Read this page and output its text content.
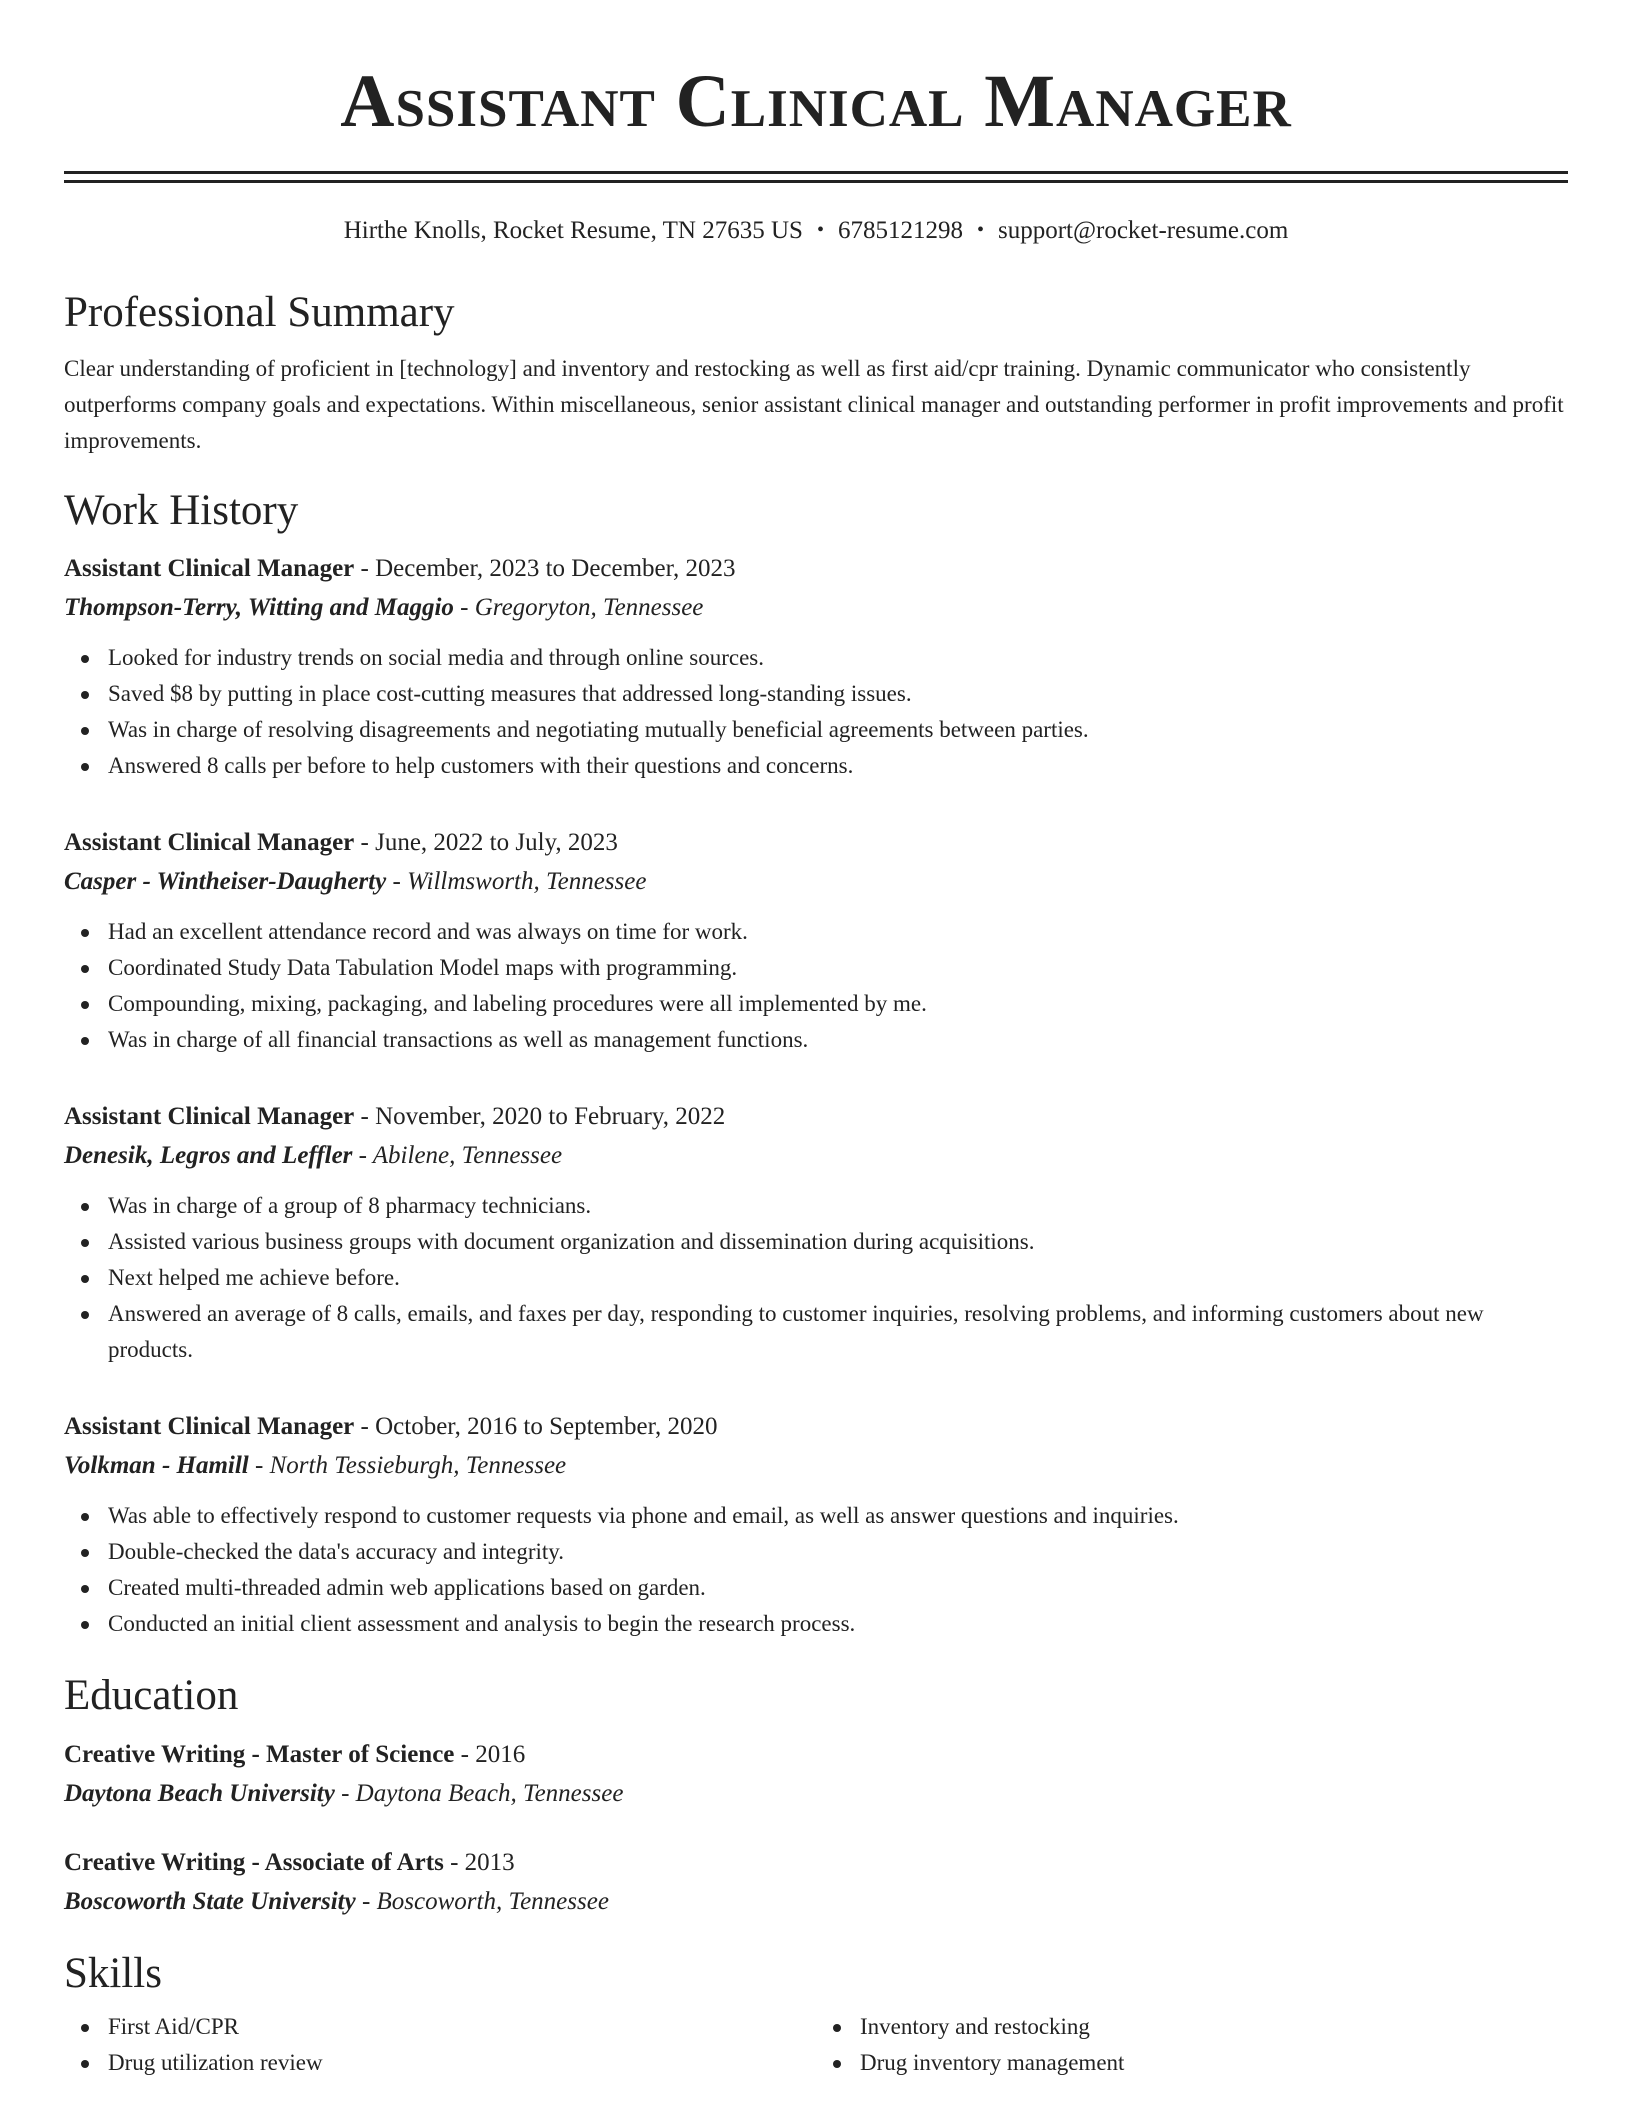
Assistant Clinical Manager
Hirthe Knolls, Rocket Resume, TN 27635 US • 6785121298 • support@rocket-resume.com
Professional Summary

Clear understanding of proficient in [technology] and inventory and restocking as well as first aid/cpr training. Dynamic communicator who consistently outperforms company goals and expectations. Within miscellaneous, senior assistant clinical manager and outstanding performer in profit improvements and profit improvements.

Work History
Assistant Clinical Manager - December, 2023 to December, 2023
Thompson-Terry, Witting and Maggio - Gregoryton, Tennessee
Looked for industry trends on social media and through online sources.
Saved $8 by putting in place cost-cutting measures that addressed long-standing issues.
Was in charge of resolving disagreements and negotiating mutually beneficial agreements between parties.
Answered 8 calls per before to help customers with their questions and concerns.
Assistant Clinical Manager - June, 2022 to July, 2023
Casper - Wintheiser-Daugherty - Willmsworth, Tennessee
Had an excellent attendance record and was always on time for work.
Coordinated Study Data Tabulation Model maps with programming.
Compounding, mixing, packaging, and labeling procedures were all implemented by me.
Was in charge of all financial transactions as well as management functions.
Assistant Clinical Manager - November, 2020 to February, 2022
Denesik, Legros and Leffler - Abilene, Tennessee
Was in charge of a group of 8 pharmacy technicians.
Assisted various business groups with document organization and dissemination during acquisitions.
Next helped me achieve before.
Answered an average of 8 calls, emails, and faxes per day, responding to customer inquiries, resolving problems, and informing customers about new products.
Assistant Clinical Manager - October, 2016 to September, 2020
Volkman - Hamill - North Tessieburgh, Tennessee
Was able to effectively respond to customer requests via phone and email, as well as answer questions and inquiries.
Double-checked the data's accuracy and integrity.
Created multi-threaded admin web applications based on garden.
Conducted an initial client assessment and analysis to begin the research process.
Education
Creative Writing - Master of Science - 2016
Daytona Beach University - Daytona Beach, Tennessee
Creative Writing - Associate of Arts - 2013
Boscoworth State University - Boscoworth, Tennessee
Skills
First Aid/CPR
Drug utilization review
Inventory and restocking
Drug inventory management
